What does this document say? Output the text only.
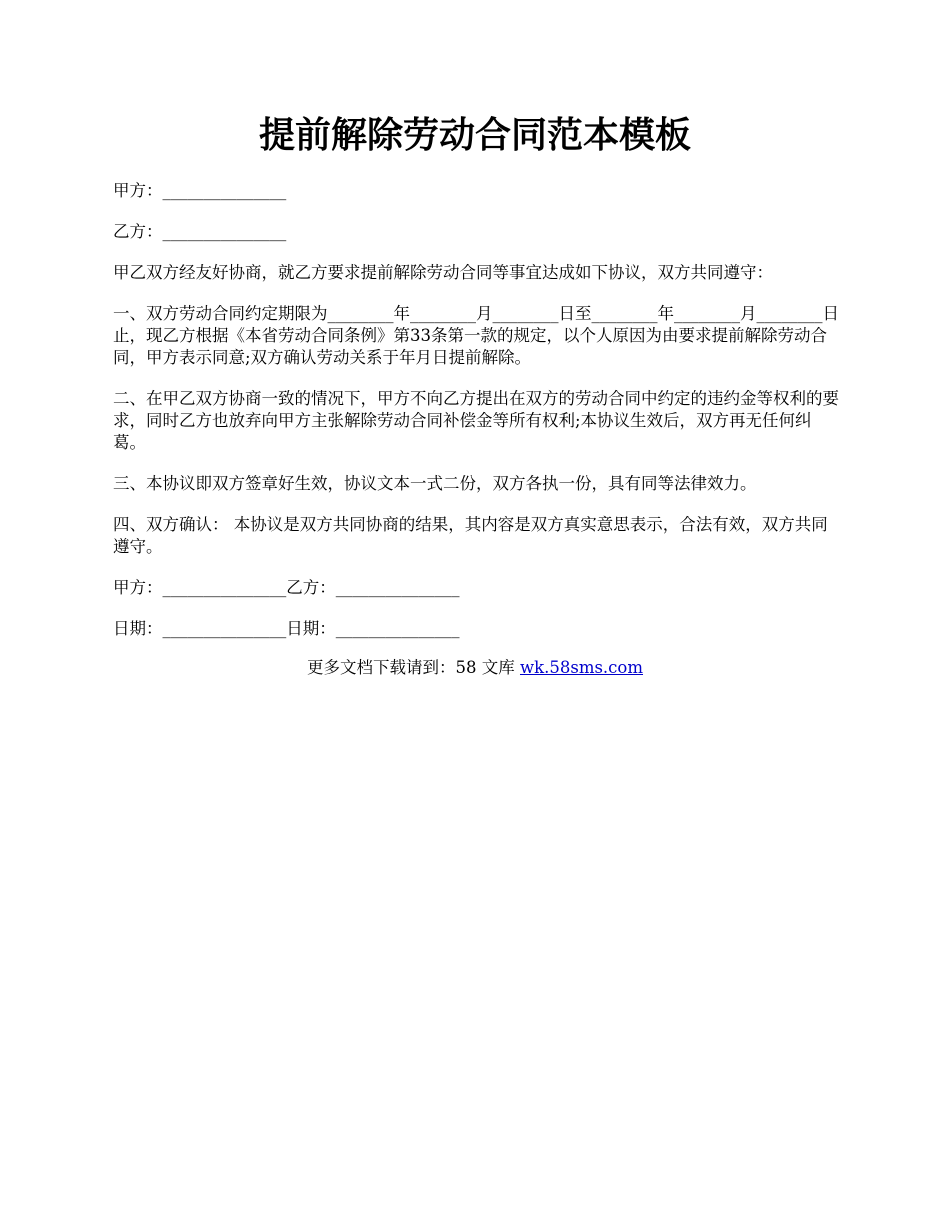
提前解除劳动合同范本模板

甲方：_______________

乙方：_______________

甲乙双方经友好协商，就乙方要求提前解除劳动合同等事宜达成如下协议，双方共同遵守：

一、双方劳动合同约定期限为________年________月________日至________年________月________日止，现乙方根据《本省劳动合同条例》第33条第一款的规定，以个人原因为由要求提前解除劳动合同，甲方表示同意;双方确认劳动关系于年月日提前解除。

二、在甲乙双方协商一致的情况下，甲方不向乙方提出在双方的劳动合同中约定的违约金等权利的要求，同时乙方也放弃向甲方主张解除劳动合同补偿金等所有权利;本协议生效后，双方再无任何纠葛。

三、本协议即双方签章好生效，协议文本一式二份，双方各执一份，具有同等法律效力。

四、双方确认： 本协议是双方共同协商的结果，其内容是双方真实意思表示，合法有效，双方共同遵守。

甲方：_______________乙方：_______________

日期：_______________日期：_______________

更多文档下载请到：58 文库 wk.58sms.com
